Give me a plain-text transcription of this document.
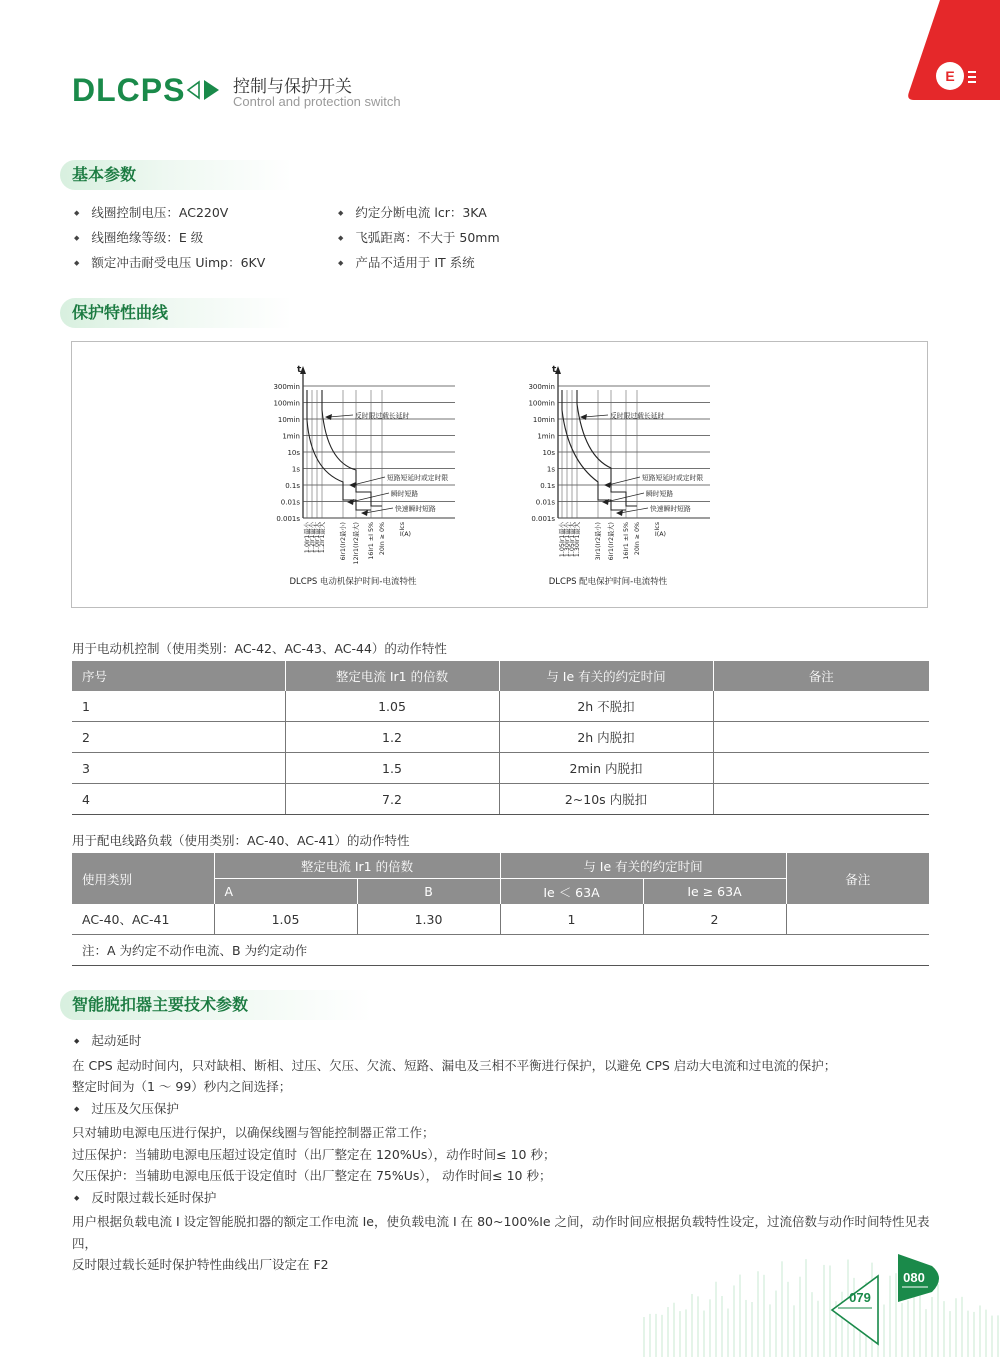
DLCPS	控制与保护开关
Control and protection switch
E
基本参数
◆ 线圈控制电压：AC220V
◆ 线圈绝缘等级：E 级
◆ 额定冲击耐受电压 Uimp：6KV
◆ 约定分断电流 lcr：3KA
◆ 飞弧距离：不大于 50mm
◆ 产品不适用于 IT 系统
保护特性曲线
t
300min
100min
10min
1min
10s
1s
0.1s
0.01s
0.001s
1.0Ir1最小
1.2Ir1最小
1.0Ir1最大
1.2Ir1最大	6Ir1(Ir2最小) 12Ir1(Ir2最大) 16Ir1 ±I 5% 20In ≥ 0% Ics
I(A)
反时限过载长延时
短路短延时或定时限
瞬时短路
快速瞬时短路
DLCPS 电动机保护时间-电流特性
t
300min
100min
10min
1min
10s
1s
0.1s
0.01s
0.001s
1.05Ir1最小
1.30Ir1最小
1.05Ir1最大
1.30Ir1最大	3Ir1(Ir2最小) 6Ir1(Ir2最大) 16Ir1 ±I 5% 20In ≥ 0% Ics
I(A)
反时限过载长延时
短路短延时或定时限
瞬时短路
快速瞬时短路
DLCPS 配电保护时间-电流特性
用于电动机控制（使用类别：AC-42、AC-43、AC-44）的动作特性
序号	整定电流 Ir1 的倍数	与 Ie 有关的约定时间	备注
1	1.05	2h 不脱扣	
2	1.2	2h 内脱扣	
3	1.5	2min 内脱扣	
4	7.2	2~10s 内脱扣	
用于配电线路负载（使用类别：AC-40、AC-41）的动作特性
使用类别	整定电流 Ir1 的倍数		与 Ie 有关的约定时间		备注
	A	B	Ie ＜ 63A	Ie ≥ 63A	
AC-40、AC-41	1.05	1.30	1	2	
注：A 为约定不动作电流、B 为约定动作					
智能脱扣器主要技术参数
◆ 起动延时
在 CPS 起动时间内，只对缺相、断相、过压、欠压、欠流、短路、漏电及三相不平衡进行保护，以避免 CPS 启动大电流和过电流的保护；
整定时间为（1 ～ 99）秒内之间选择；
◆ 过压及欠压保护
只对辅助电源电压进行保护，以确保线圈与智能控制器正常工作；
过压保护：当辅助电源电压超过设定值时（出厂整定在 120%Us），动作时间≤ 10 秒；
欠压保护：当辅助电源电压低于设定值时（出厂整定在 75%Us）， 动作时间≤ 10 秒；
◆ 反时限过载长延时保护
用户根据负载电流 I 设定智能脱扣器的额定工作电流 Ie，使负载电流 I 在 80~100%Ie 之间，动作时间应根据负载特性设定，过流倍数与动作时间特性见表四，
反时限过载长延时保护特性曲线出厂设定在 F2
079
080
